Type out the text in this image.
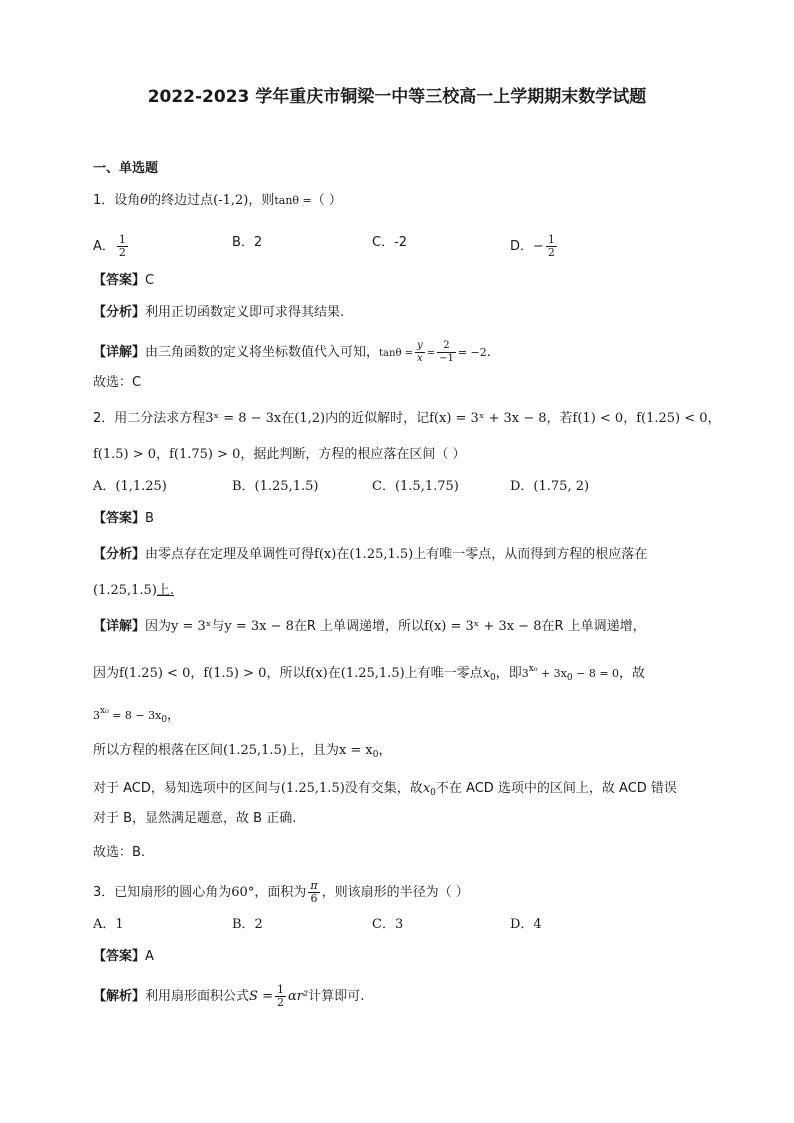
2022-2023 学年重庆市铜梁一中等三校高一上学期期末数学试题
一、单选题
1．设角θ的终边过点(-1,2)，则tanθ =（ ）
A． $\frac{1}{2}$	B．2	C．-2	D．− $\frac{1}{2}$
【答案】C
【分析】利用正切函数定义即可求得其结果.
【详解】由三角函数的定义将坐标数值代入可知，$\tan\theta = \frac{y}{x} = \frac{2}{-1} = -2$.
故选：C
2．用二分法求方程3ˣ = 8 − 3x在(1,2)内的近似解时，记f(x) = 3ˣ + 3x − 8，若f(1) < 0，f(1.25) < 0，
f(1.5) > 0，f(1.75) > 0，据此判断，方程的根应落在区间（ ）
A．(1,1.25)	B．(1.25,1.5)	C．(1.5,1.75)	D．(1.75, 2)
【答案】B
【分析】由零点存在定理及单调性可得f(x)在(1.25,1.5)上有唯一零点，从而得到方程的根应落在
(1.25,1.5)上.
【详解】因为y = 3ˣ与y = 3x − 8在R 上单调递增，所以f(x) = 3ˣ + 3x − 8在R 上单调递增，
因为f(1.25) < 0，f(1.5) > 0，所以f(x)在(1.25,1.5)上有唯一零点$x_0$，即$3^{x_0} + 3x_0 - 8 = 0$，故
$3^{x_0} = 8 - 3x_0$，
所以方程的根落在区间(1.25,1.5)上，且为$x = x_0$，
对于 ACD，易知选项中的区间与(1.25,1.5)没有交集，故$x_0$不在 ACD 选项中的区间上，故 ACD 错误
对于 B，显然满足题意，故 B 正确.
故选：B.
3．已知扇形的圆心角为60°，面积为 $\frac{\pi}{6}$ ，则该扇形的半径为（ ）
A．1	B．2	C．3	D．4
【答案】A
【解析】利用扇形面积公式$S = \frac{1}{2} \alpha r^2$计算即可.
